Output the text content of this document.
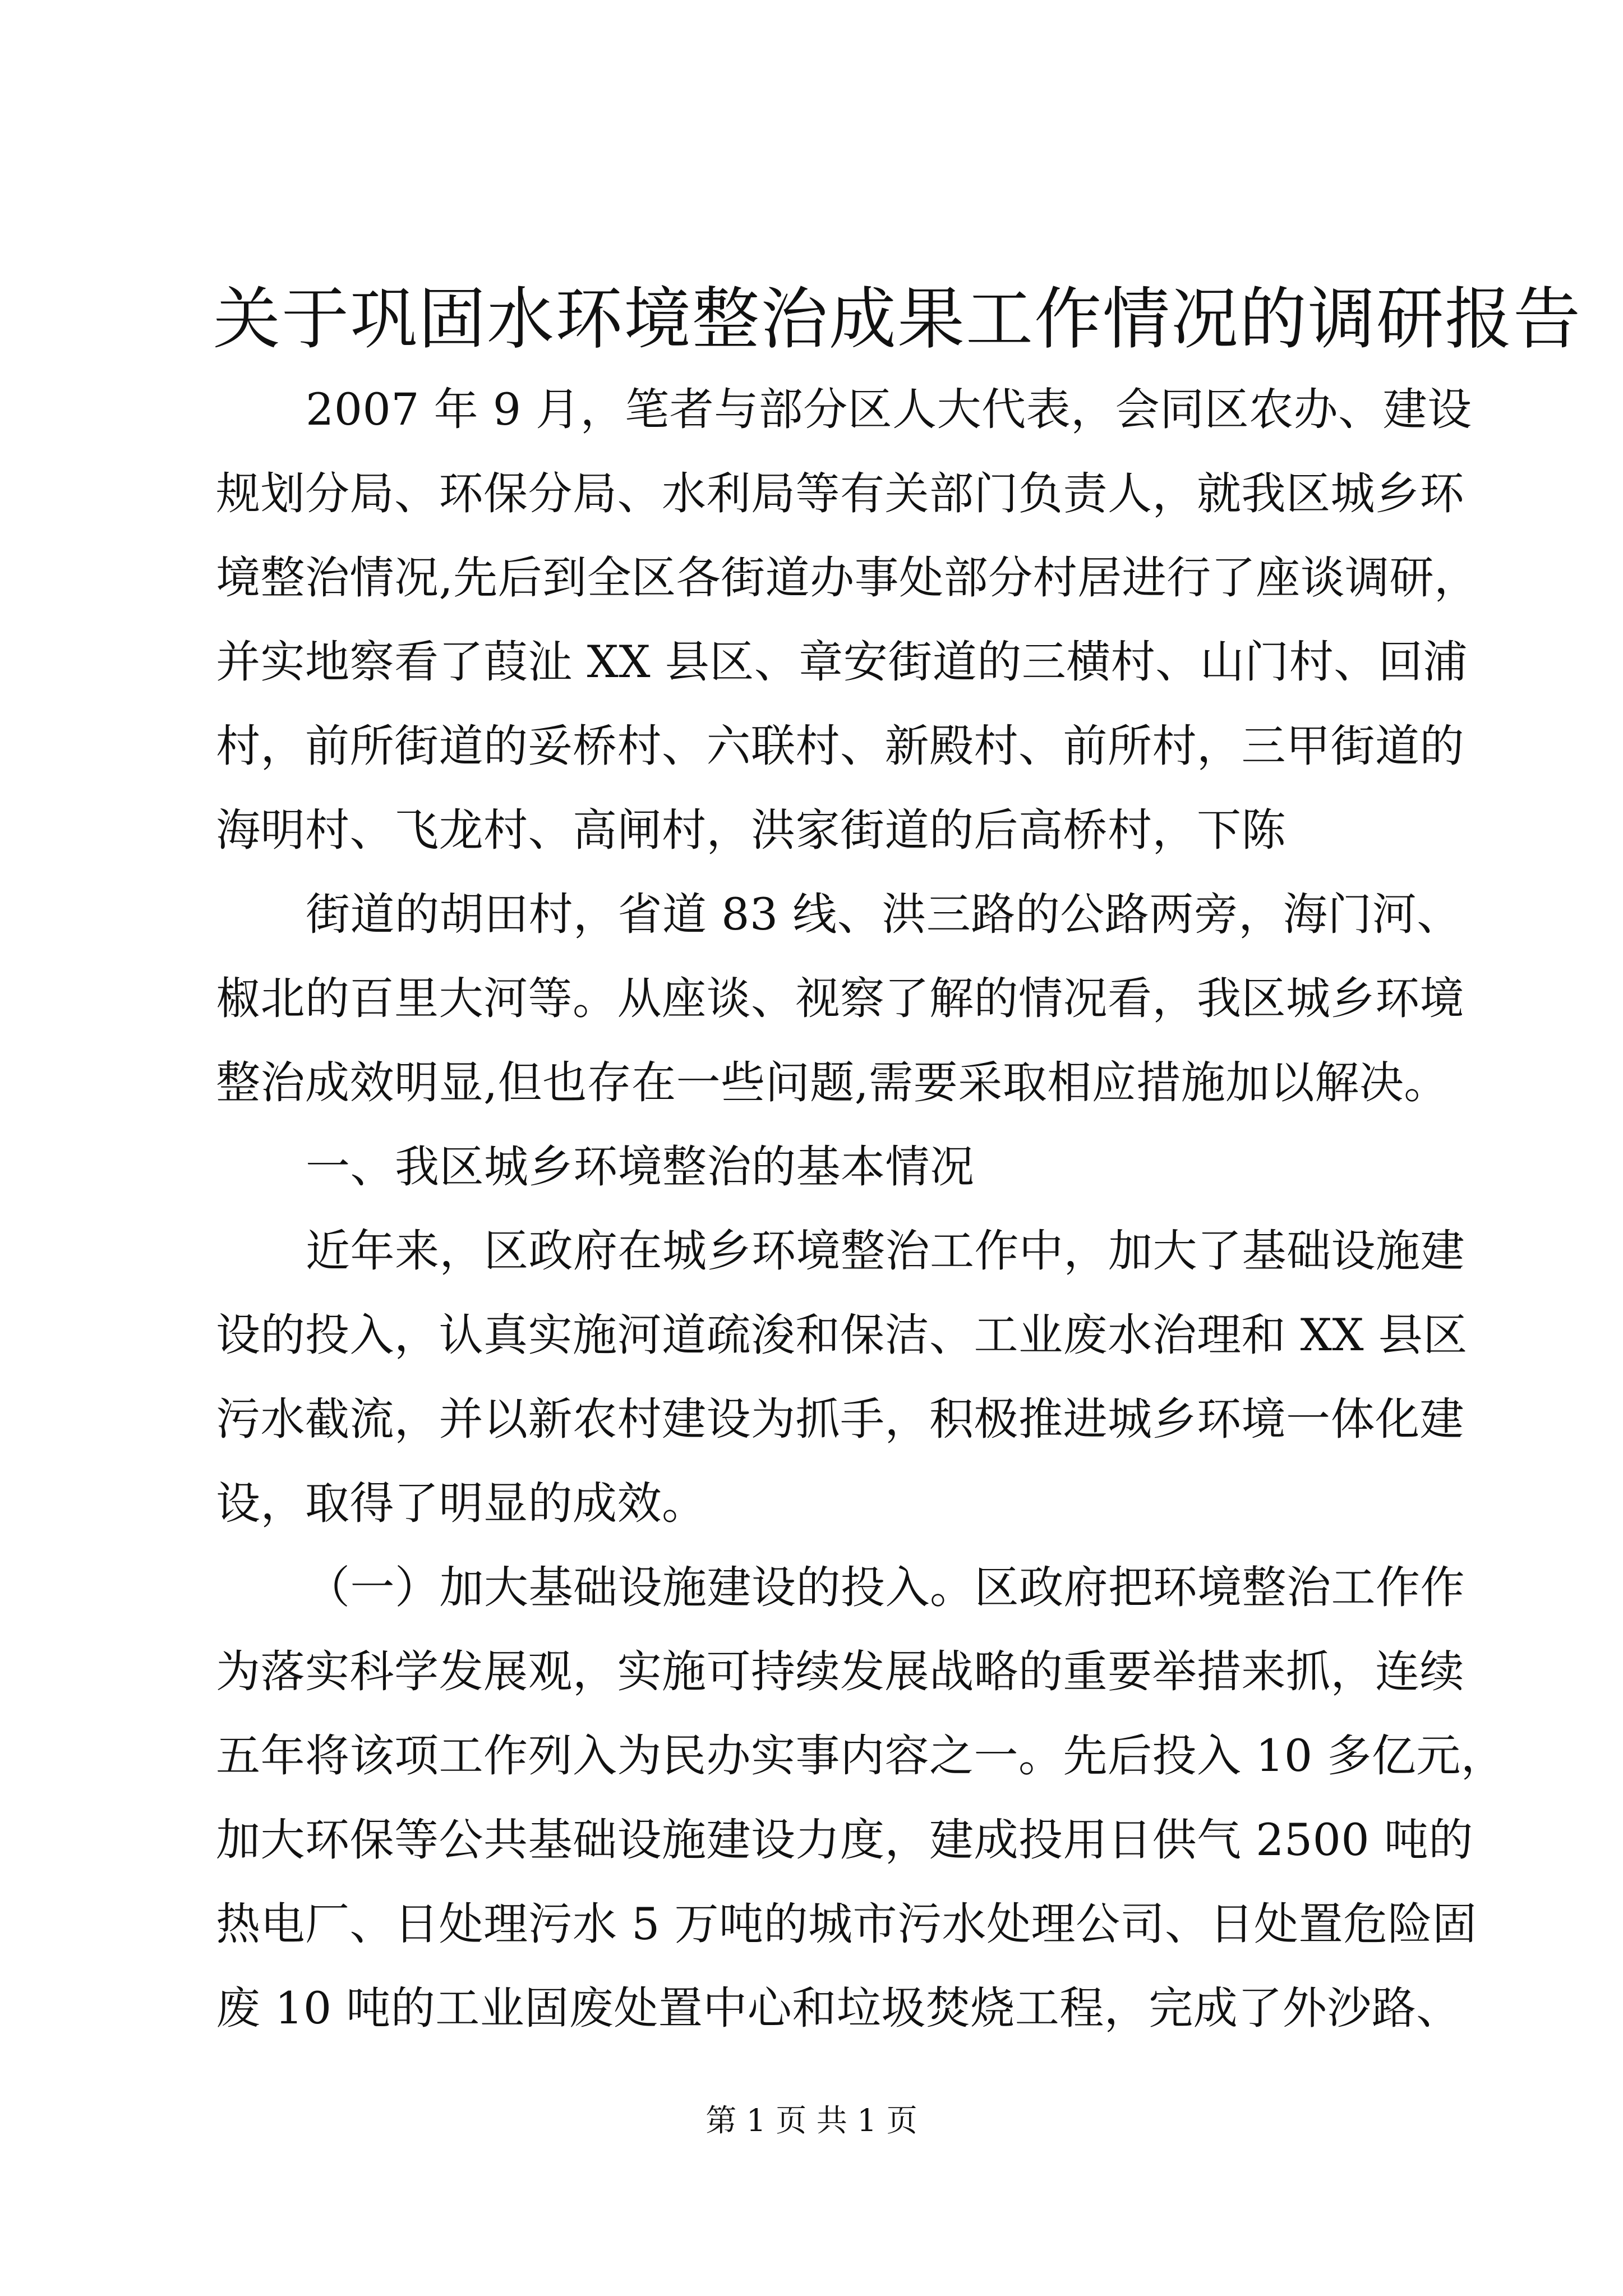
关于巩固水环境整治成果工作情况的调研报告
2007 年 9 月，笔者与部分区人大代表，会同区农办、建设
规划分局、环保分局、水利局等有关部门负责人，就我区城乡环
境整治情况,先后到全区各街道办事处部分村居进行了座谈调研，
并实地察看了葭沚 XX 县区、章安街道的三横村、山门村、回浦
村，前所街道的妥桥村、六联村、新殿村、前所村，三甲街道的
海明村、飞龙村、高闸村，洪家街道的后高桥村，下陈
街道的胡田村，省道 83 线、洪三路的公路两旁，海门河、
椒北的百里大河等。从座谈、视察了解的情况看，我区城乡环境
整治成效明显,但也存在一些问题,需要采取相应措施加以解决。
一、我区城乡环境整治的基本情况
近年来，区政府在城乡环境整治工作中，加大了基础设施建
设的投入，认真实施河道疏浚和保洁、工业废水治理和 XX 县区
污水截流，并以新农村建设为抓手，积极推进城乡环境一体化建
设，取得了明显的成效。
（一）加大基础设施建设的投入。区政府把环境整治工作作
为落实科学发展观，实施可持续发展战略的重要举措来抓，连续
五年将该项工作列入为民办实事内容之一。先后投入 10 多亿元，
加大环保等公共基础设施建设力度，建成投用日供气 2500 吨的
热电厂、日处理污水 5 万吨的城市污水处理公司、日处置危险固
废 10 吨的工业固废处置中心和垃圾焚烧工程，完成了外沙路、
第 1 页 共 1 页
